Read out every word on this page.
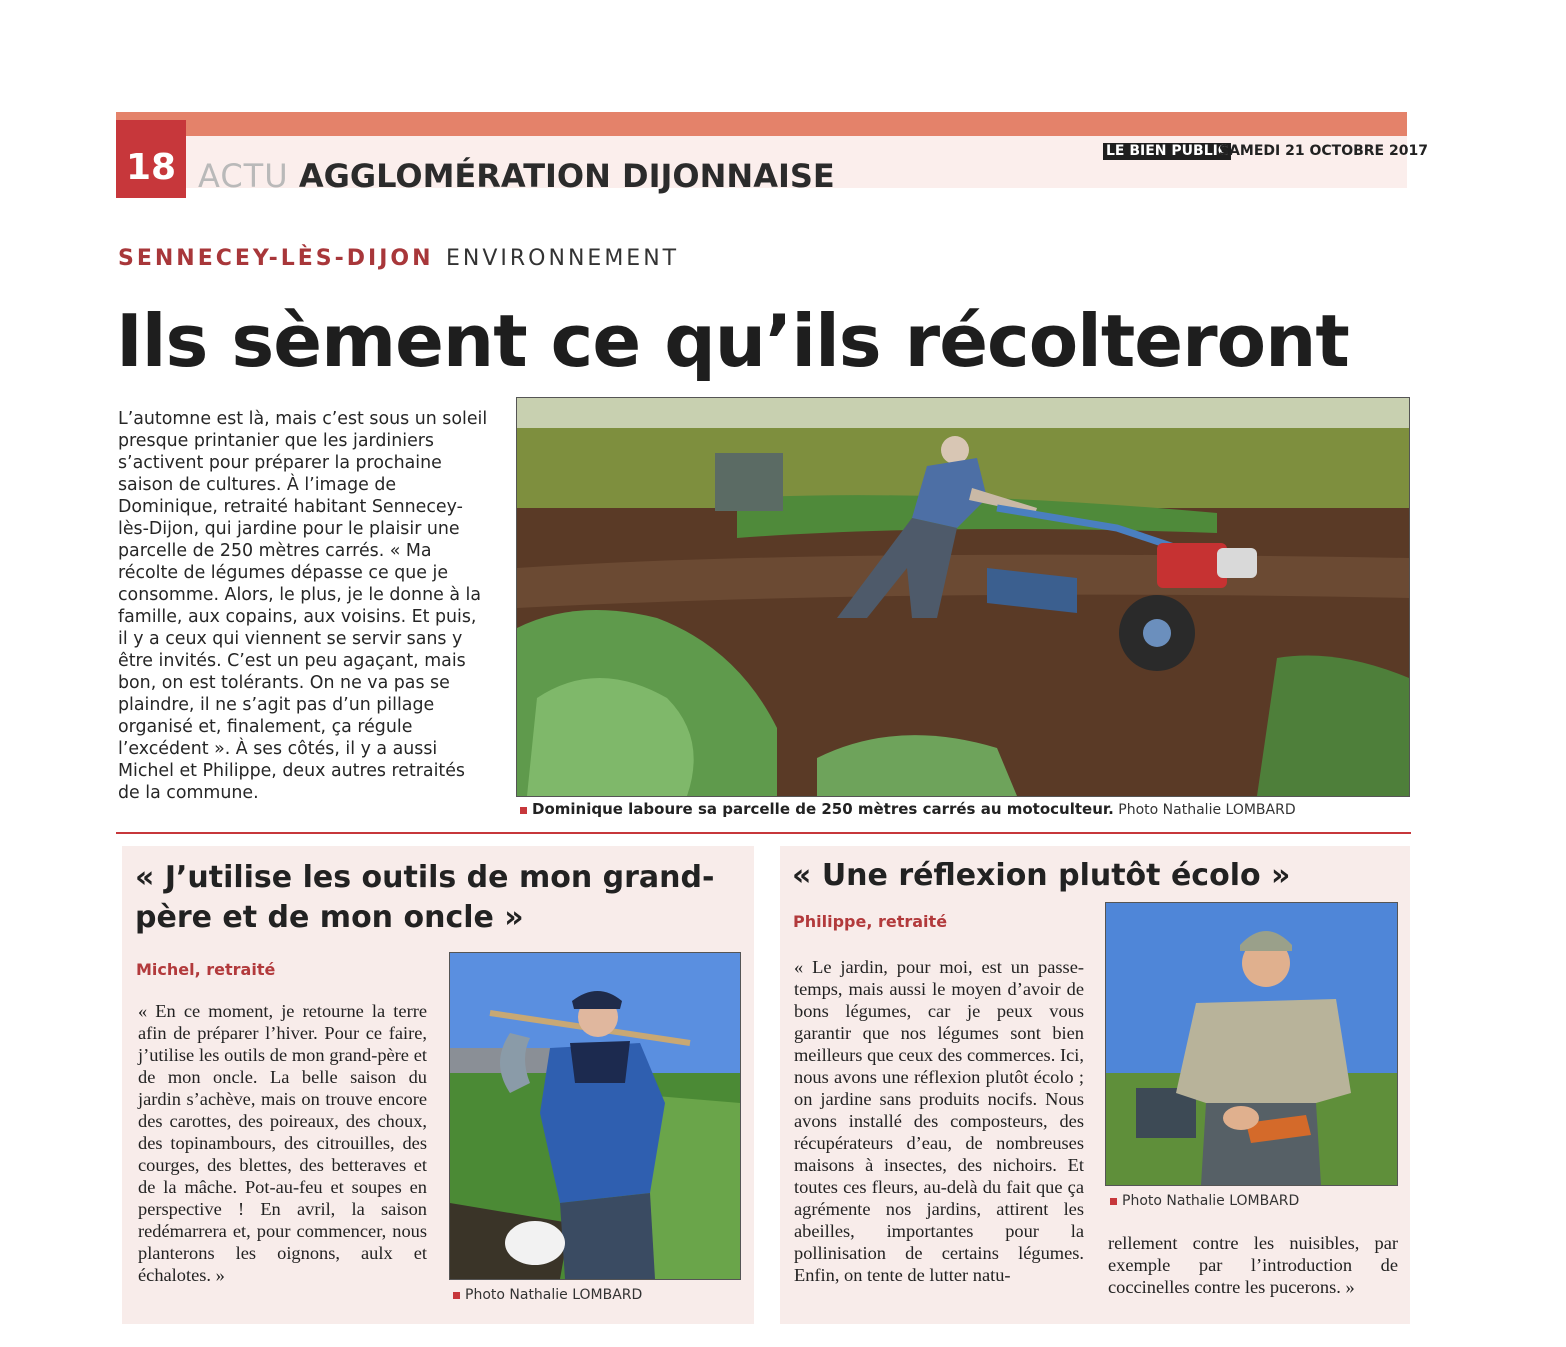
18 ACTU AGGLOMÉRATION DIJONNAISE
LE BIEN PUBLIC
SAMEDI 21 OCTOBRE 2017
SENNECEY-LÈS-DIJON ENVIRONNEMENT
Ils sèment ce qu’ils récolteront
L’automne est là, mais c’est sous un soleil presque printanier que les jardiniers s’activent pour préparer la prochaine saison de cultures. À l’image de Dominique, retraité habitant Sennecey-lès-Dijon, qui jardine pour le plaisir une parcelle de 250 mètres carrés. « Ma récolte de légumes dépasse ce que je consomme. Alors, le plus, je le donne à la famille, aux copains, aux voisins. Et puis, il y a ceux qui viennent se servir sans y être invités. C’est un peu agaçant, mais bon, on est tolérants. On ne va pas se plaindre, il ne s’agit pas d’un pillage organisé et, finalement, ça régule l’excédent ». À ses côtés, il y a aussi Michel et Philippe, deux autres retraités de la commune.
Dominique laboure sa parcelle de 250 mètres carrés au motoculteur. Photo Nathalie LOMBARD
« J’utilise les outils de mon grand-père et de mon oncle »
Michel, retraité
« En ce moment, je retourne la terre afin de préparer l’hiver. Pour ce faire, j’utilise les outils de mon grand-père et de mon oncle. La belle saison du jardin s’achève, mais on trouve encore des carottes, des poireaux, des choux, des topinambours, des citrouilles, des courges, des blettes, des betteraves et de la mâche. Pot-au-feu et soupes en perspective ! En avril, la saison redémarrera et, pour commencer, nous planterons les oignons, aulx et échalotes. »
Photo Nathalie LOMBARD
« Une réflexion plutôt écolo »
Philippe, retraité
« Le jardin, pour moi, est un passe-temps, mais aussi le moyen d’avoir de bons légumes, car je peux vous garantir que nos légumes sont bien meilleurs que ceux des commerces. Ici, nous avons une réflexion plutôt écolo ; on jardine sans produits nocifs. Nous avons installé des composteurs, des récupérateurs d’eau, de nombreuses maisons à insectes, des nichoirs. Et toutes ces fleurs, au-delà du fait que ça agrémente nos jardins, attirent les abeilles, importantes pour la pollinisation de certains légumes. Enfin, on tente de lutter natu-
Photo Nathalie LOMBARD
rellement contre les nuisibles, par exemple par l’introduction de coccinelles contre les pucerons. »
